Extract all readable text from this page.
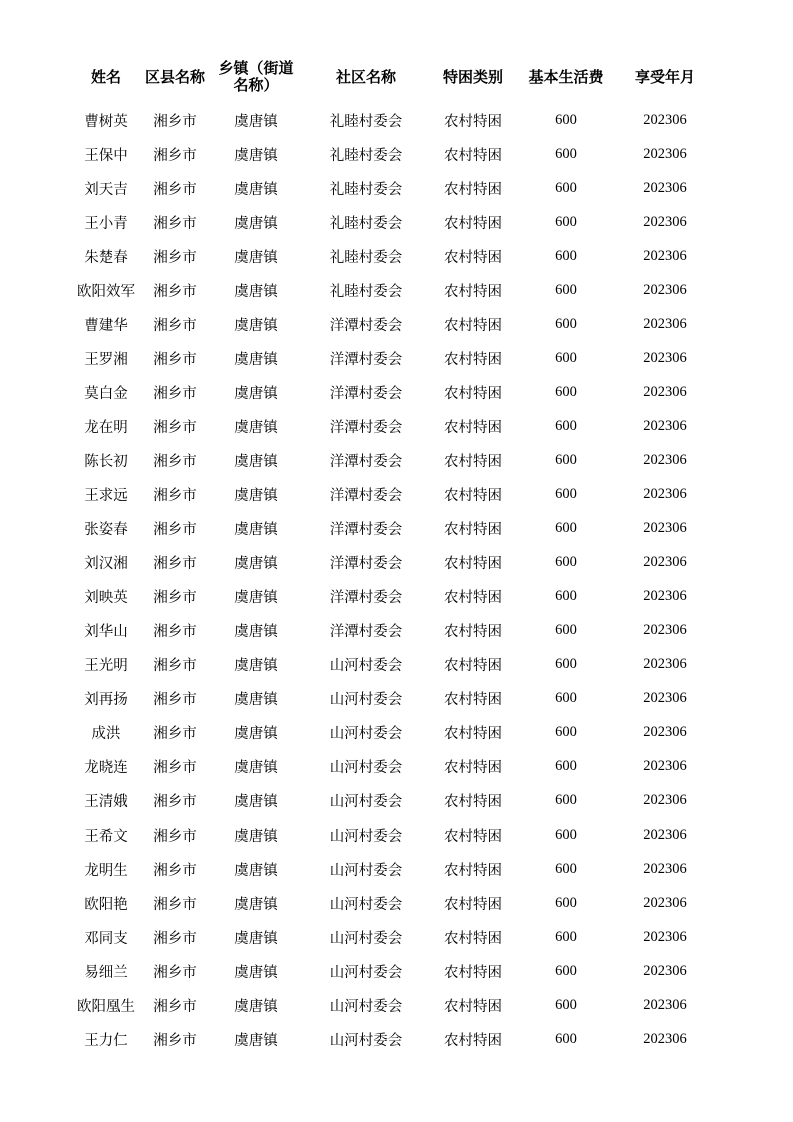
姓名	区县名称 乡镇（街道
名称）	社区名称	特困类别	基本生活费	享受年月
曹树英	湘乡市	虞唐镇	礼睦村委会	农村特困	600	202306
王保中	湘乡市	虞唐镇	礼睦村委会	农村特困	600	202306
刘天吉	湘乡市	虞唐镇	礼睦村委会	农村特困	600	202306
王小青	湘乡市	虞唐镇	礼睦村委会	农村特困	600	202306
朱楚春	湘乡市	虞唐镇	礼睦村委会	农村特困	600	202306
欧阳效军	湘乡市	虞唐镇	礼睦村委会	农村特困	600	202306
曹建华	湘乡市	虞唐镇	洋潭村委会	农村特困	600	202306
王罗湘	湘乡市	虞唐镇	洋潭村委会	农村特困	600	202306
莫白金	湘乡市	虞唐镇	洋潭村委会	农村特困	600	202306
龙在明	湘乡市	虞唐镇	洋潭村委会	农村特困	600	202306
陈长初	湘乡市	虞唐镇	洋潭村委会	农村特困	600	202306
王求远	湘乡市	虞唐镇	洋潭村委会	农村特困	600	202306
张姿春	湘乡市	虞唐镇	洋潭村委会	农村特困	600	202306
刘汉湘	湘乡市	虞唐镇	洋潭村委会	农村特困	600	202306
刘映英	湘乡市	虞唐镇	洋潭村委会	农村特困	600	202306
刘华山	湘乡市	虞唐镇	洋潭村委会	农村特困	600	202306
王光明	湘乡市	虞唐镇	山河村委会	农村特困	600	202306
刘再扬	湘乡市	虞唐镇	山河村委会	农村特困	600	202306
成洪	湘乡市	虞唐镇	山河村委会	农村特困	600	202306
龙晓连	湘乡市	虞唐镇	山河村委会	农村特困	600	202306
王清娥	湘乡市	虞唐镇	山河村委会	农村特困	600	202306
王希文	湘乡市	虞唐镇	山河村委会	农村特困	600	202306
龙明生	湘乡市	虞唐镇	山河村委会	农村特困	600	202306
欧阳艳	湘乡市	虞唐镇	山河村委会	农村特困	600	202306
邓同支	湘乡市	虞唐镇	山河村委会	农村特困	600	202306
易细兰	湘乡市	虞唐镇	山河村委会	农村特困	600	202306
欧阳凰生	湘乡市	虞唐镇	山河村委会	农村特困	600	202306
王力仁	湘乡市	虞唐镇	山河村委会	农村特困	600	202306
